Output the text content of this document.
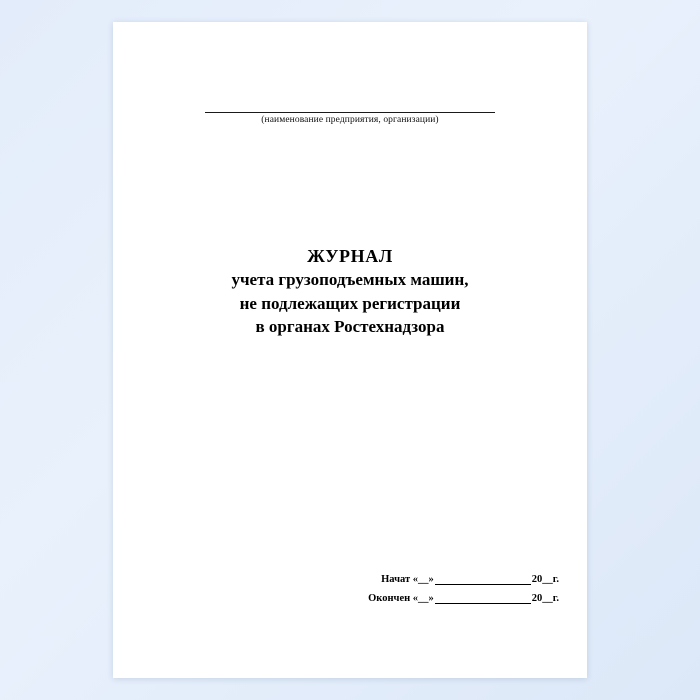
(наименование предприятия, организации)
ЖУРНАЛ
учета грузоподъемных машин,
не подлежащих регистрации
в органах Ростехнадзора
Начат «__»	20__г.
Окончен «__»	20__г.
